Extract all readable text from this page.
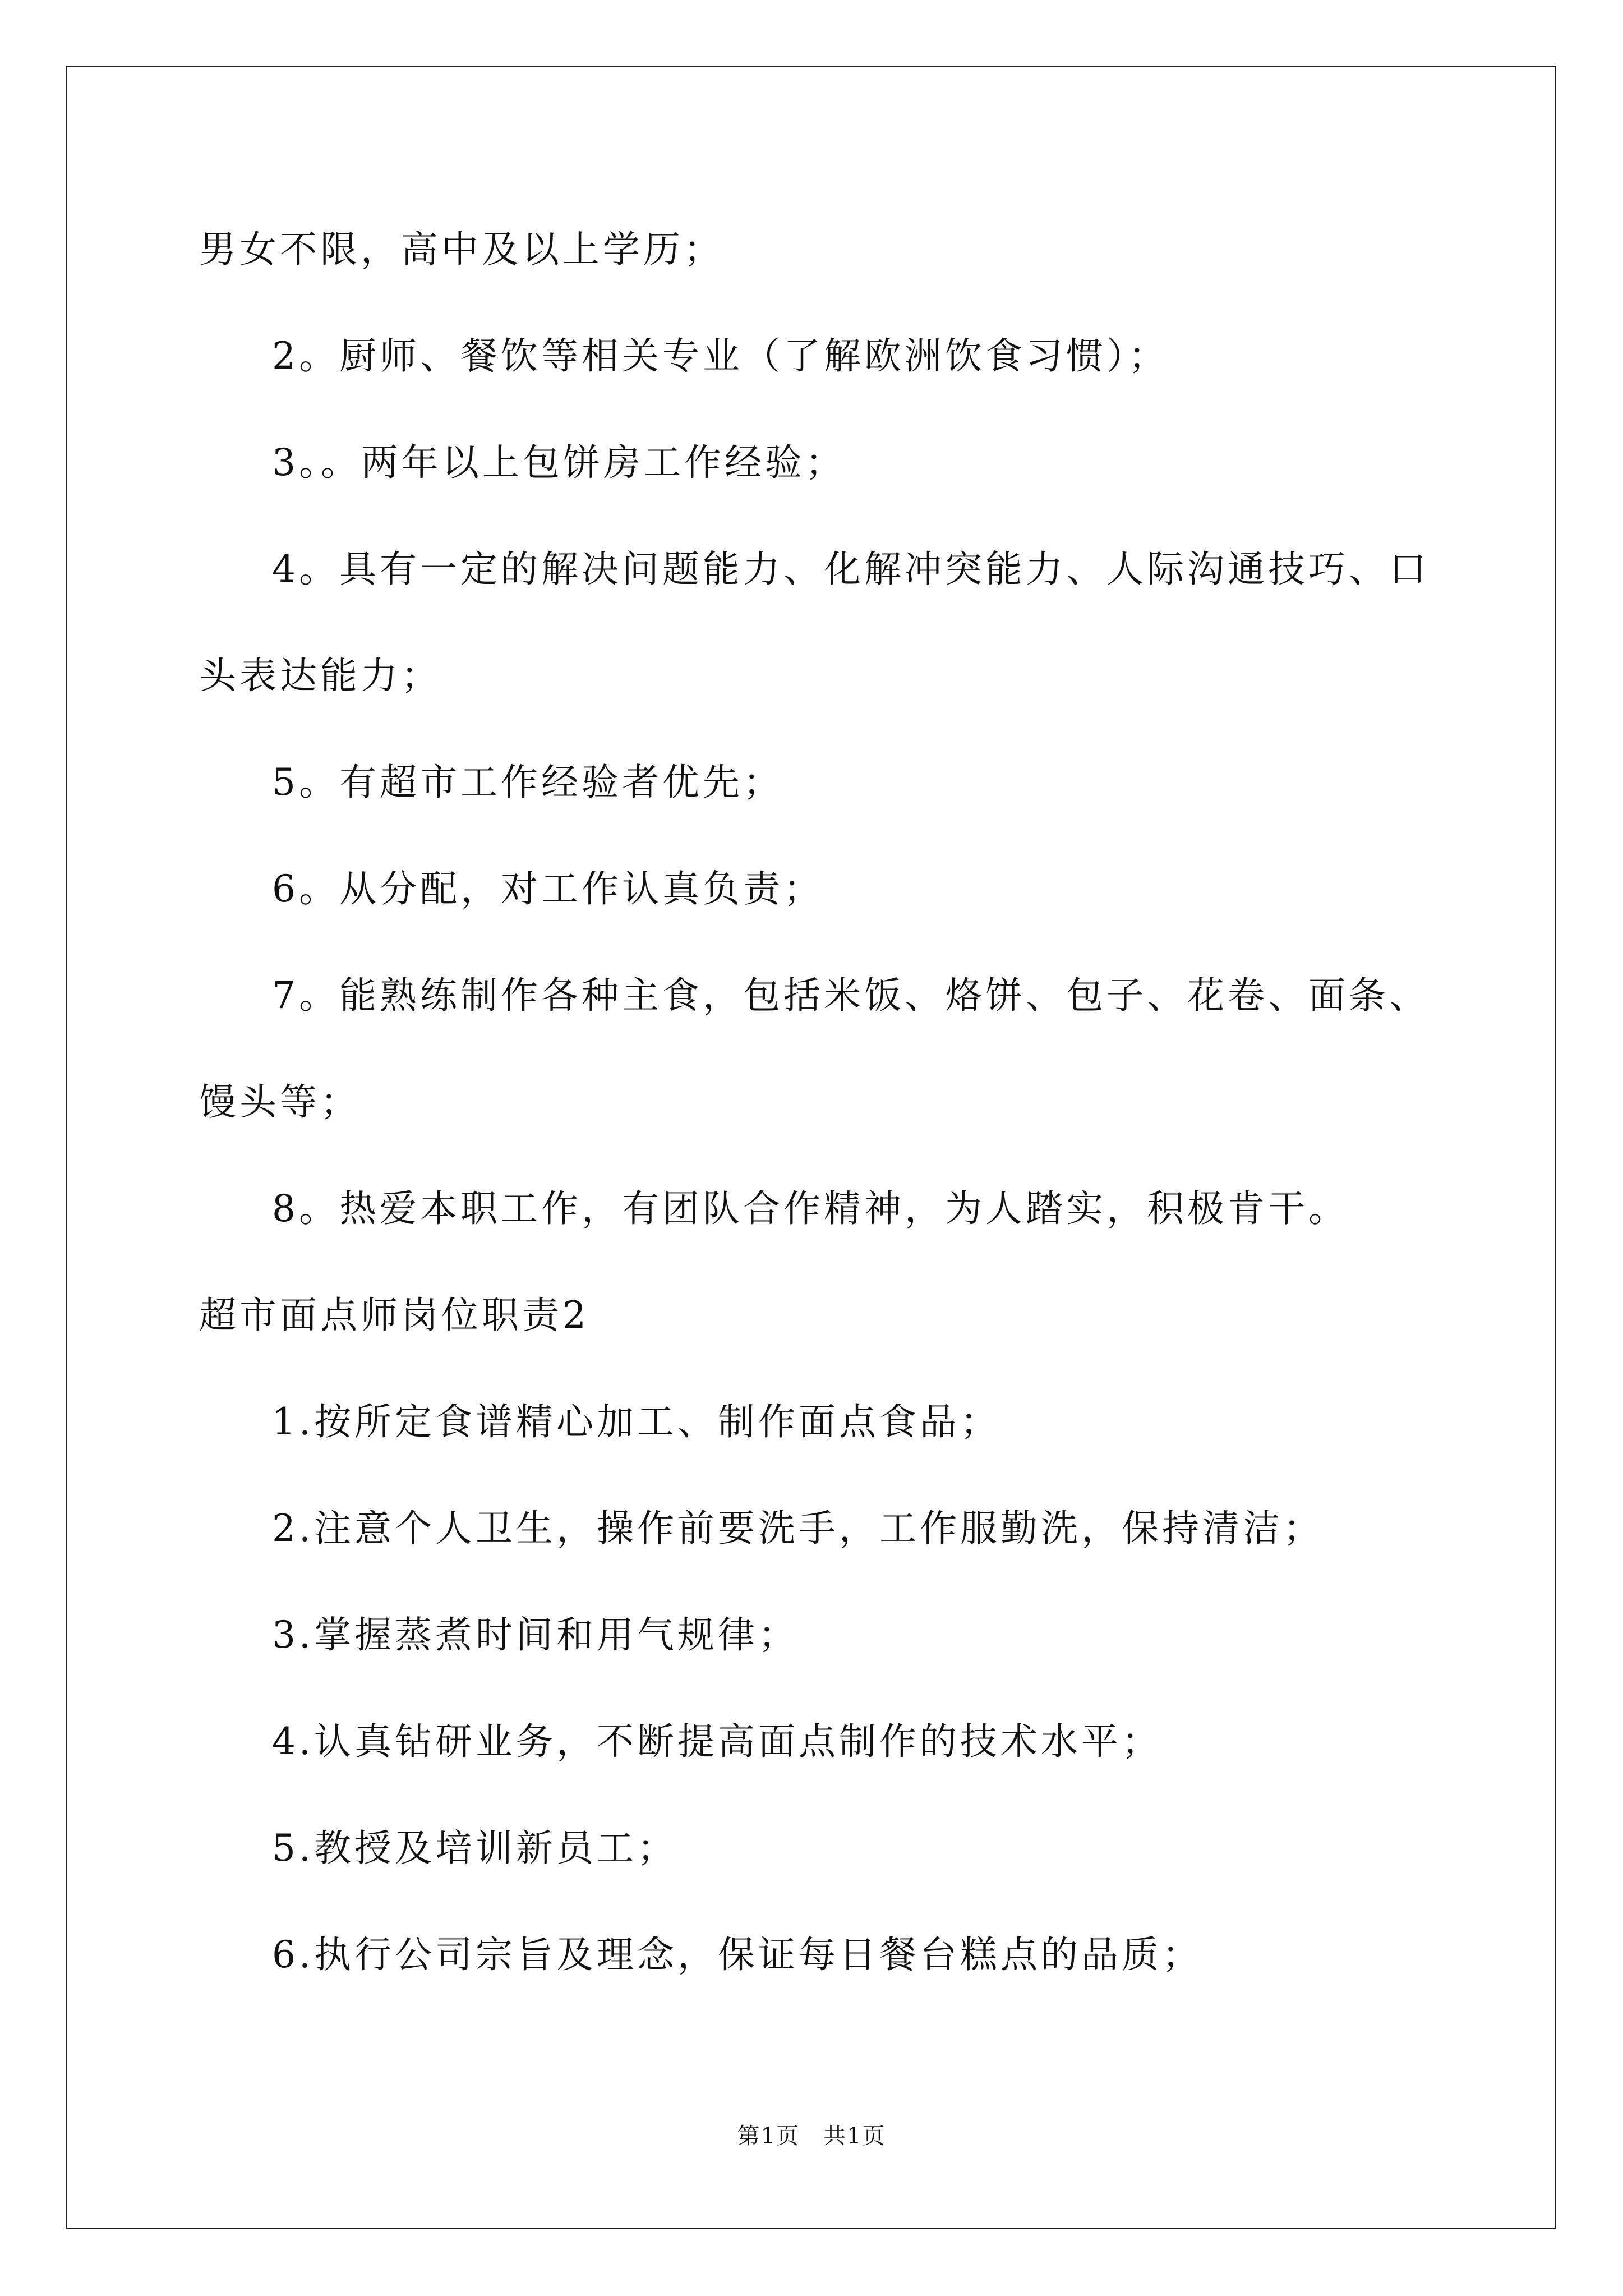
男女不限，高中及以上学历；
2。厨师、餐饮等相关专业（了解欧洲饮食习惯）；
3。。两年以上包饼房工作经验；
4。具有一定的解决问题能力、化解冲突能力、人际沟通技巧、口
头表达能力；
5。有超市工作经验者优先；
6。从分配，对工作认真负责；
7。能熟练制作各种主食，包括米饭、烙饼、包子、花卷、面条、
馒头等；
8。热爱本职工作，有团队合作精神，为人踏实，积极肯干。
超市面点师岗位职责2
1.按所定食谱精心加工、制作面点食品；
2.注意个人卫生，操作前要洗手，工作服勤洗，保持清洁；
3.掌握蒸煮时间和用气规律；
4.认真钻研业务，不断提高面点制作的技术水平；
5.教授及培训新员工；
6.执行公司宗旨及理念，保证每日餐台糕点的品质；
第1页　共1页
